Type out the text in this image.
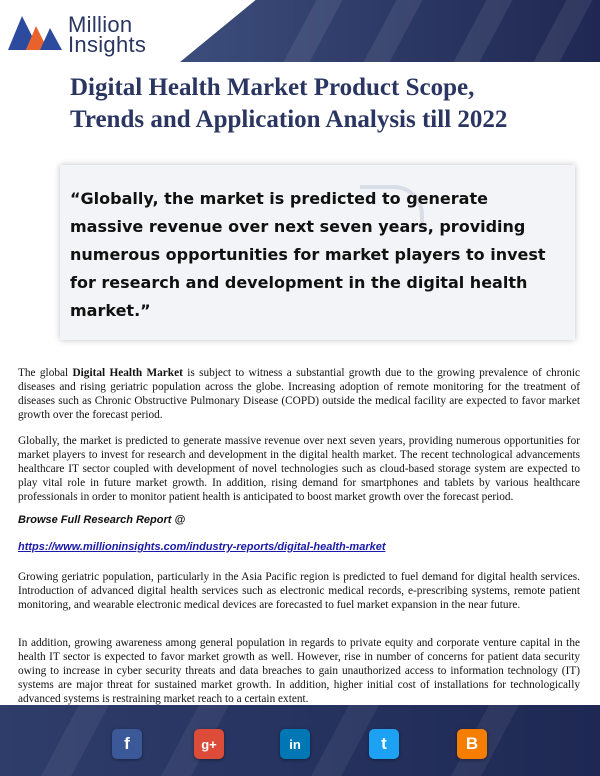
Million
Insights
Digital Health Market Product Scope,
Trends and Application Analysis till 2022
“Globally, the market is predicted to generate massive revenue over next seven years, providing numerous opportunities for market players to invest for research and development in the digital health market.”

The global Digital Health Market is subject to witness a substantial growth due to the growing prevalence of chronic diseases and rising geriatric population across the globe. Increasing adoption of remote monitoring for the treatment of diseases such as Chronic Obstructive Pulmonary Disease (COPD) outside the medical facility are expected to favor market growth over the forecast period.

Globally, the market is predicted to generate massive revenue over next seven years, providing numerous opportunities for market players to invest for research and development in the digital health market. The recent technological advancements healthcare IT sector coupled with development of novel technologies such as cloud-based storage system are expected to play vital role in future market growth. In addition, rising demand for smartphones and tablets by various healthcare professionals in order to monitor patient health is anticipated to boost market growth over the forecast period.

Browse Full Research Report @
https://www.millioninsights.com/industry-reports/digital-health-market

Growing geriatric population, particularly in the Asia Pacific region is predicted to fuel demand for digital health services. Introduction of advanced digital health services such as electronic medical records, e-prescribing systems, remote patient monitoring, and wearable electronic medical devices are forecasted to fuel market expansion in the near future.

In addition, growing awareness among general population in regards to private equity and corporate venture capital in the health IT sector is expected to favor market growth as well. However, rise in number of concerns for patient data security owing to increase in cyber security threats and data breaches to gain unauthorized access to information technology (IT) systems are major threat for sustained market growth. In addition, higher initial cost of installations for technologically advanced systems is restraining market reach to a certain extent.

f	g+	in	t	B
